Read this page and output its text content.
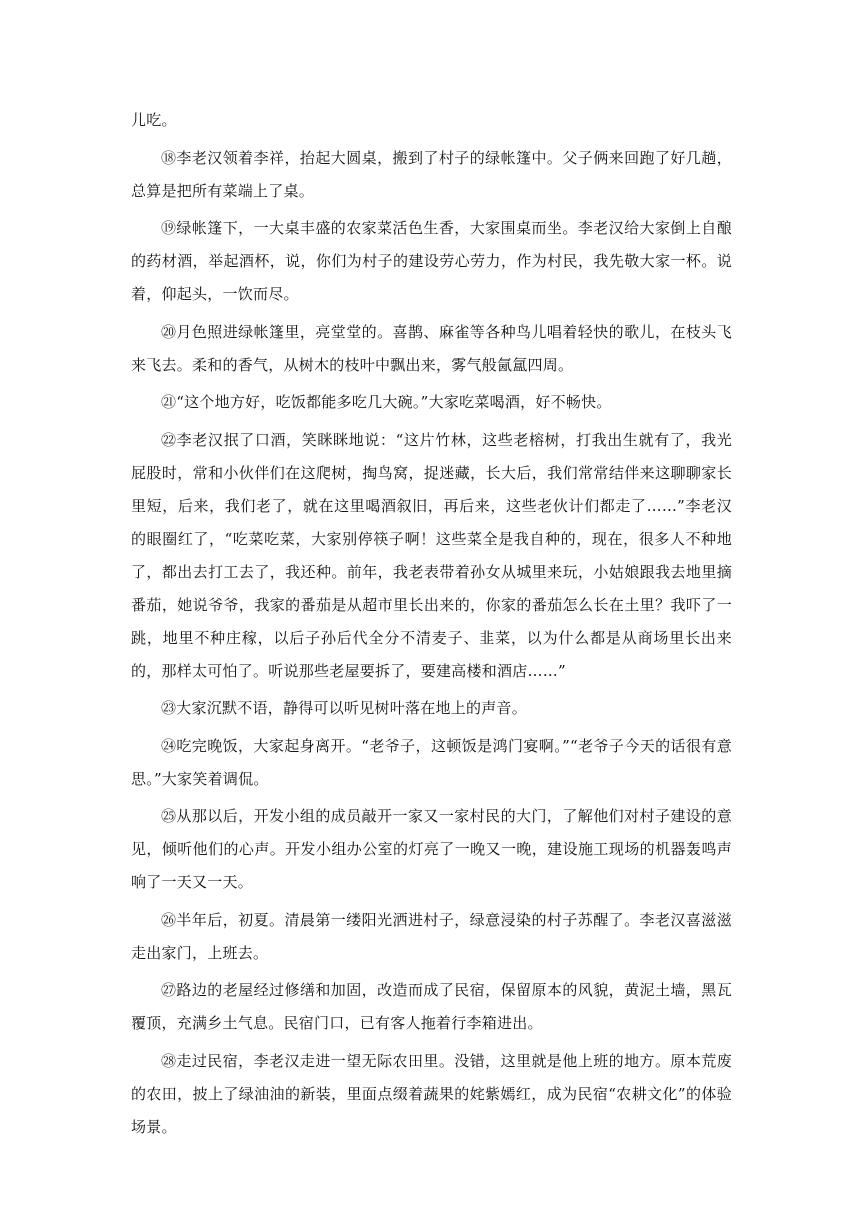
儿吃。

⑱李老汉领着李祥，抬起大圆桌，搬到了村子的绿帐篷中。父子俩来回跑了好几趟，总算是把所有菜端上了桌。

⑲绿帐篷下，一大桌丰盛的农家菜活色生香，大家围桌而坐。李老汉给大家倒上自酿的药材酒，举起酒杯，说，你们为村子的建设劳心劳力，作为村民，我先敬大家一杯。说着，仰起头，一饮而尽。

⑳月色照进绿帐篷里，亮堂堂的。喜鹊、麻雀等各种鸟儿唱着轻快的歌儿，在枝头飞来飞去。柔和的香气，从树木的枝叶中飘出来，雾气般氤氲四周。

㉑“这个地方好，吃饭都能多吃几大碗。”大家吃菜喝酒，好不畅快。

㉒李老汉抿了口酒，笑眯眯地说：“这片竹林，这些老榕树，打我出生就有了，我光屁股时，常和小伙伴们在这爬树，掏鸟窝，捉迷藏，长大后，我们常常结伴来这聊聊家长里短，后来，我们老了，就在这里喝酒叙旧，再后来，这些老伙计们都走了……”李老汉的眼圈红了，“吃菜吃菜，大家别停筷子啊！这些菜全是我自种的，现在，很多人不种地了，都出去打工去了，我还种。前年，我老表带着孙女从城里来玩，小姑娘跟我去地里摘番茄，她说爷爷，我家的番茄是从超市里长出来的，你家的番茄怎么长在土里？我吓了一跳，地里不种庄稼，以后子孙后代全分不清麦子、韭菜，以为什么都是从商场里长出来的，那样太可怕了。听说那些老屋要拆了，要建高楼和酒店……”

㉓大家沉默不语，静得可以听见树叶落在地上的声音。

㉔吃完晚饭，大家起身离开。“老爷子，这顿饭是鸿门宴啊。”“老爷子今天的话很有意思。”大家笑着调侃。

㉕从那以后，开发小组的成员敲开一家又一家村民的大门，了解他们对村子建设的意见，倾听他们的心声。开发小组办公室的灯亮了一晚又一晚，建设施工现场的机器轰鸣声响了一天又一天。

㉖半年后，初夏。清晨第一缕阳光洒进村子，绿意浸染的村子苏醒了。李老汉喜滋滋走出家门，上班去。

㉗路边的老屋经过修缮和加固，改造而成了民宿，保留原本的风貌，黄泥土墙，黑瓦覆顶，充满乡土气息。民宿门口，已有客人拖着行李箱进出。

㉘走过民宿，李老汉走进一望无际农田里。没错，这里就是他上班的地方。原本荒废的农田，披上了绿油油的新装，里面点缀着蔬果的姹紫嫣红，成为民宿“农耕文化”的体验场景。
